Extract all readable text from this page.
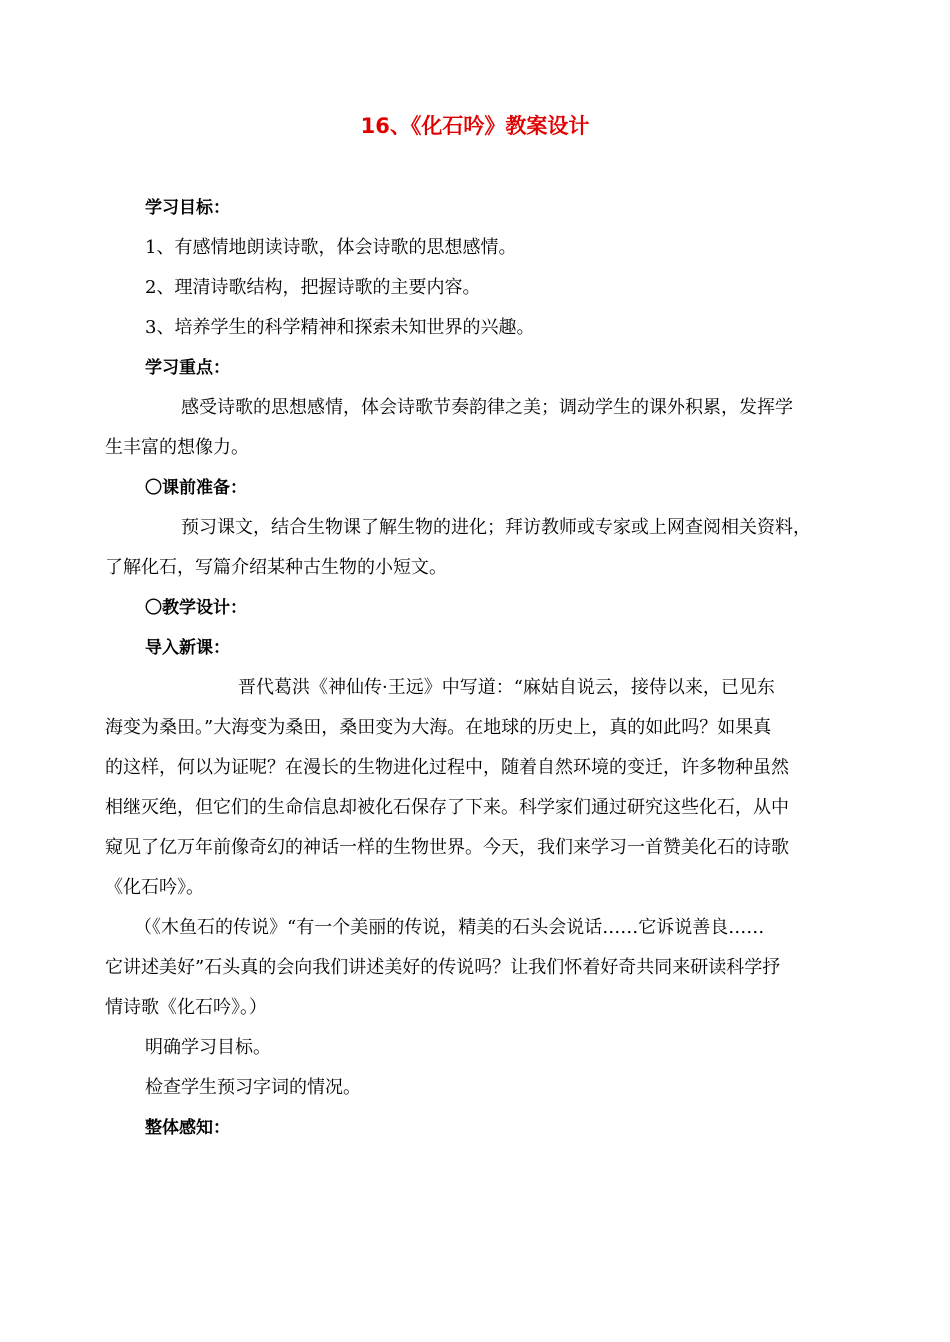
16、《化石吟》教案设计

学习目标：

1、有感情地朗读诗歌，体会诗歌的思想感情。

2、理清诗歌结构，把握诗歌的主要内容。

3、培养学生的科学精神和探索未知世界的兴趣。

学习重点：

感受诗歌的思想感情，体会诗歌节奏韵律之美；调动学生的课外积累，发挥学

生丰富的想像力。

〇课前准备：

预习课文，结合生物课了解生物的进化；拜访教师或专家或上网查阅相关资料，

了解化石，写篇介绍某种古生物的小短文。

〇教学设计：

导入新课：

晋代葛洪《神仙传·王远》中写道：“麻姑自说云，接侍以来，已见东

海变为桑田。”大海变为桑田，桑田变为大海。在地球的历史上，真的如此吗？如果真

的这样，何以为证呢？在漫长的生物进化过程中，随着自然环境的变迁，许多物种虽然

相继灭绝，但它们的生命信息却被化石保存了下来。科学家们通过研究这些化石，从中

窥见了亿万年前像奇幻的神话一样的生物世界。今天，我们来学习一首赞美化石的诗歌

《化石吟》。

（《木鱼石的传说》“有一个美丽的传说，精美的石头会说话……它诉说善良……

它讲述美好”石头真的会向我们讲述美好的传说吗？让我们怀着好奇共同来研读科学抒

情诗歌《化石吟》。）

明确学习目标。

检查学生预习字词的情况。

整体感知：
